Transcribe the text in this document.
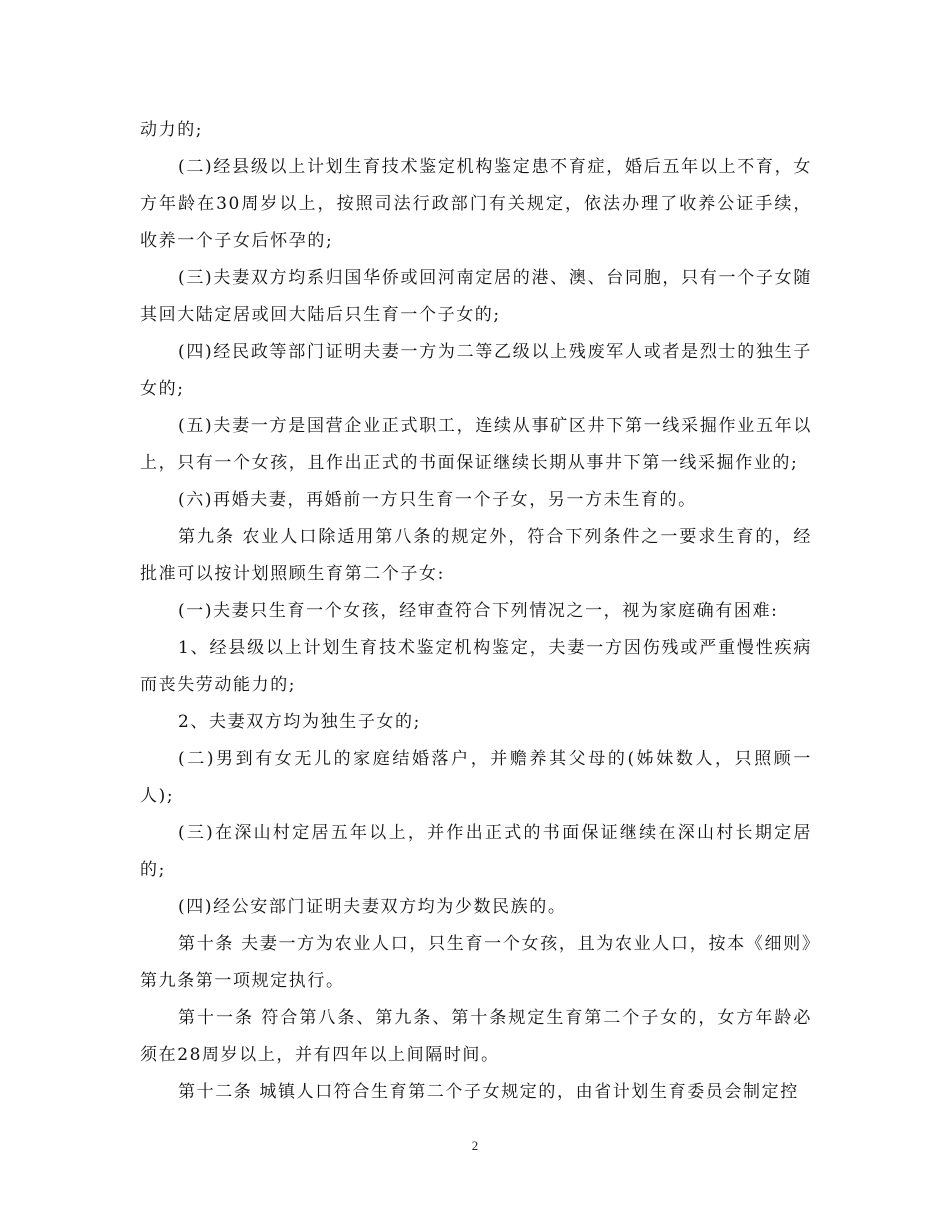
动力的;

(二)经县级以上计划生育技术鉴定机构鉴定患不育症，婚后五年以上不育，女方年龄在30周岁以上，按照司法行政部门有关规定，依法办理了收养公证手续，收养一个子女后怀孕的;

(三)夫妻双方均系归国华侨或回河南定居的港、澳、台同胞，只有一个子女随其回大陆定居或回大陆后只生育一个子女的;

(四)经民政等部门证明夫妻一方为二等乙级以上残废军人或者是烈士的独生子女的;

(五)夫妻一方是国营企业正式职工，连续从事矿区井下第一线采掘作业五年以上，只有一个女孩，且作出正式的书面保证继续长期从事井下第一线采掘作业的;

(六)再婚夫妻，再婚前一方只生育一个子女，另一方未生育的。

第九条 农业人口除适用第八条的规定外，符合下列条件之一要求生育的，经批准可以按计划照顾生育第二个子女:

(一)夫妻只生育一个女孩，经审查符合下列情况之一，视为家庭确有困难:

1、经县级以上计划生育技术鉴定机构鉴定，夫妻一方因伤残或严重慢性疾病而丧失劳动能力的;

2、夫妻双方均为独生子女的;

(二)男到有女无儿的家庭结婚落户，并赡养其父母的(姊妹数人，只照顾一人);

(三)在深山村定居五年以上，并作出正式的书面保证继续在深山村长期定居的;

(四)经公安部门证明夫妻双方均为少数民族的。

第十条 夫妻一方为农业人口，只生育一个女孩，且为农业人口，按本《细则》第九条第一项规定执行。

第十一条 符合第八条、第九条、第十条规定生育第二个子女的，女方年龄必须在28周岁以上，并有四年以上间隔时间。

第十二条 城镇人口符合生育第二个子女规定的，由省计划生育委员会制定控

2
